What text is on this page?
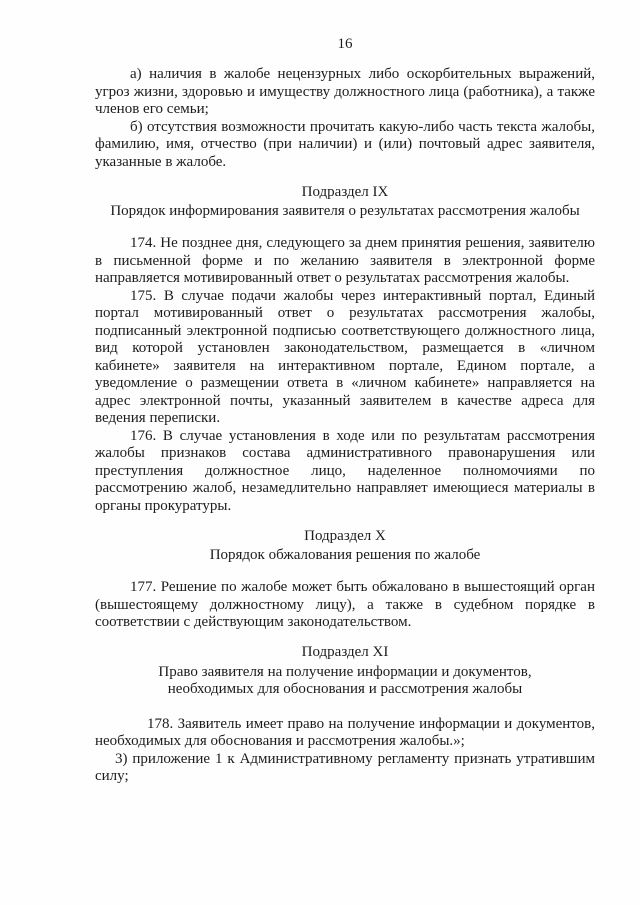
16

а) наличия в жалобе нецензурных либо оскорбительных выражений, угроз жизни, здоровью и имуществу должностного лица (работника), а также членов его семьи;

б) отсутствия возможности прочитать какую-либо часть текста жалобы, фамилию, имя, отчество (при наличии) и (или) почтовый адрес заявителя, указанные в жалобе.

Подраздел IX
Порядок информирования заявителя о результатах рассмотрения жалобы

174. Не позднее дня, следующего за днем принятия решения, заявителю в письменной форме и по желанию заявителя в электронной форме направляется мотивированный ответ о результатах рассмотрения жалобы.

175. В случае подачи жалобы через интерактивный портал, Единый портал мотивированный ответ о результатах рассмотрения жалобы, подписанный электронной подписью соответствующего должностного лица, вид которой установлен законодательством, размещается в «личном кабинете» заявителя на интерактивном портале, Едином портале, а уведомление о размещении ответа в «личном кабинете» направляется на адрес электронной почты, указанный заявителем в качестве адреса для ведения переписки.

176. В случае установления в ходе или по результатам рассмотрения жалобы признаков состава административного правонарушения или преступления должностное лицо, наделенное полномочиями по рассмотрению жалоб, незамедлительно направляет имеющиеся материалы в органы прокуратуры.

Подраздел X
Порядок обжалования решения по жалобе

177. Решение по жалобе может быть обжаловано в вышестоящий орган (вышестоящему должностному лицу), а также в судебном порядке в соответствии с действующим законодательством.

Подраздел XI
Право заявителя на получение информации и документов,
необходимых для обоснования и рассмотрения жалобы

178. Заявитель имеет право на получение информации и документов, необходимых для обоснования и рассмотрения жалобы.»;

3) приложение 1 к Административному регламенту признать утратившим силу;
